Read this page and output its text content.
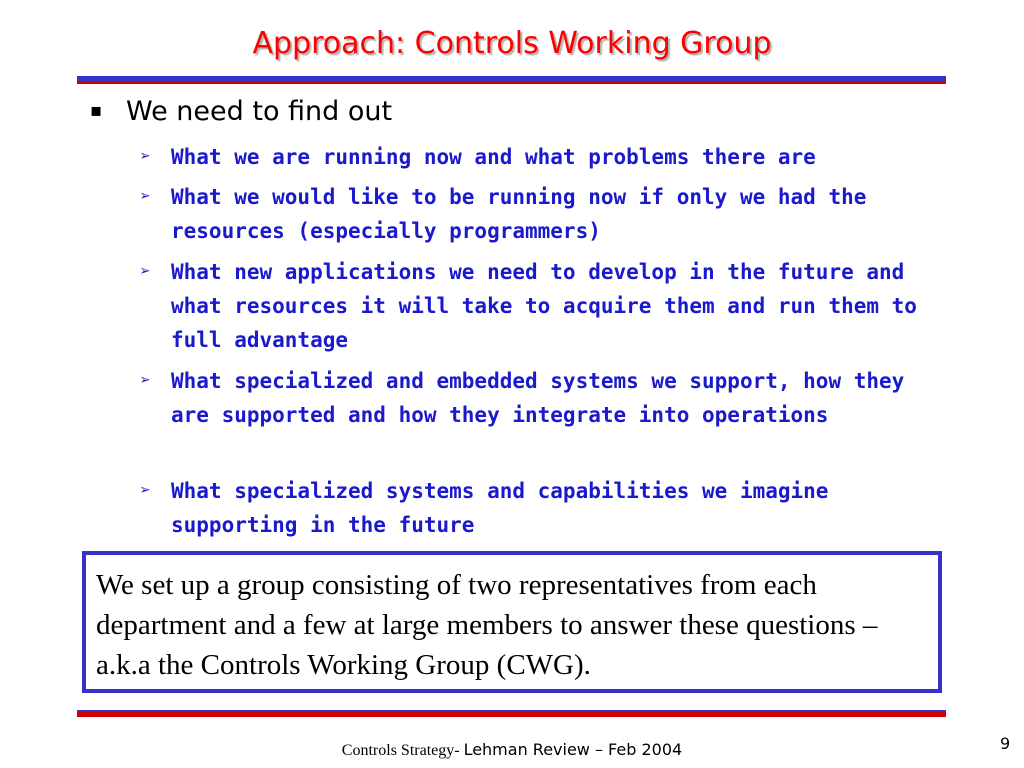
Approach: Controls Working Group
▪ We need to find out
➢ What we are running now and what problems there are
➢ What we would like to be running now if only we had the resources (especially programmers)
➢ What new applications we need to develop in the future and what resources it will take to acquire them and run them to full advantage
➢ What specialized and embedded systems we support, how they are supported and how they integrate into operations
➢ What specialized systems and capabilities we imagine supporting in the future
We set up a group consisting of two representatives from each department and a few at large members to answer these questions – a.k.a the Controls Working Group (CWG).
Controls Strategy- Lehman Review – Feb 2004	9
